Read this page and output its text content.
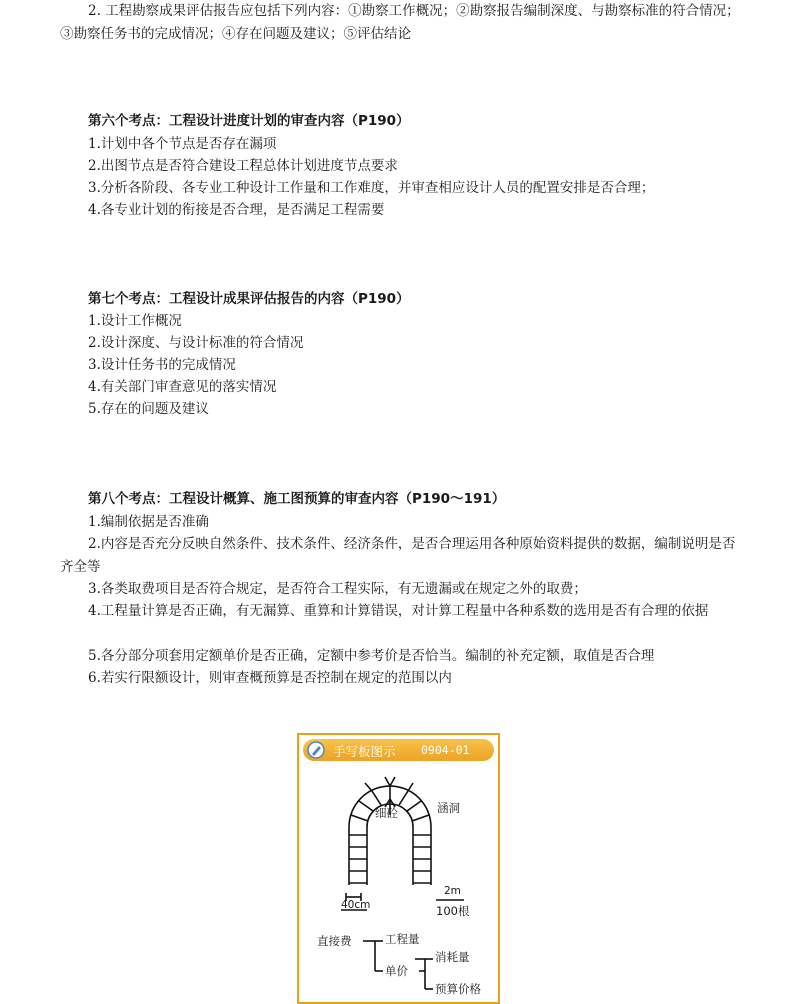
2. 工程勘察成果评估报告应包括下列内容：①勘察工作概况；②勘察报告编制深度、与勘察标准的符合情况；③勘察任务书的完成情况；④存在问题及建议；⑤评估结论

第六个考点：工程设计进度计划的审查内容（P190）
1.计划中各个节点是否存在漏项
2.出图节点是否符合建设工程总体计划进度节点要求
3.分析各阶段、各专业工种设计工作量和工作难度，并审查相应设计人员的配置安排是否合理；
4.各专业计划的衔接是否合理，是否满足工程需要
第七个考点：工程设计成果评估报告的内容（P190）
1.设计工作概况
2.设计深度、与设计标准的符合情况
3.设计任务书的完成情况
4.有关部门审查意见的落实情况
5.存在的问题及建议
第八个考点：工程设计概算、施工图预算的审查内容（P190～191）
1.编制依据是否准确

2.内容是否充分反映自然条件、技术条件、经济条件，是否合理运用各种原始资料提供的数据，编制说明是否齐全等

3.各类取费项目是否符合规定，是否符合工程实际，有无遗漏或在规定之外的取费；

4.工程量计算是否正确，有无漏算、重算和计算错误，对计算工程量中各种系数的选用是否有合理的依据

5.各分部分项套用定额单价是否正确，定额中参考价是否恰当。编制的补充定额，取值是否合理
6.若实行限额设计，则审查概预算是否控制在规定的范围以内
手写板图示 0904-01
细砼	涵洞
40cm
2m
100根
直接费	工程量
单价
消耗量
预算价格
